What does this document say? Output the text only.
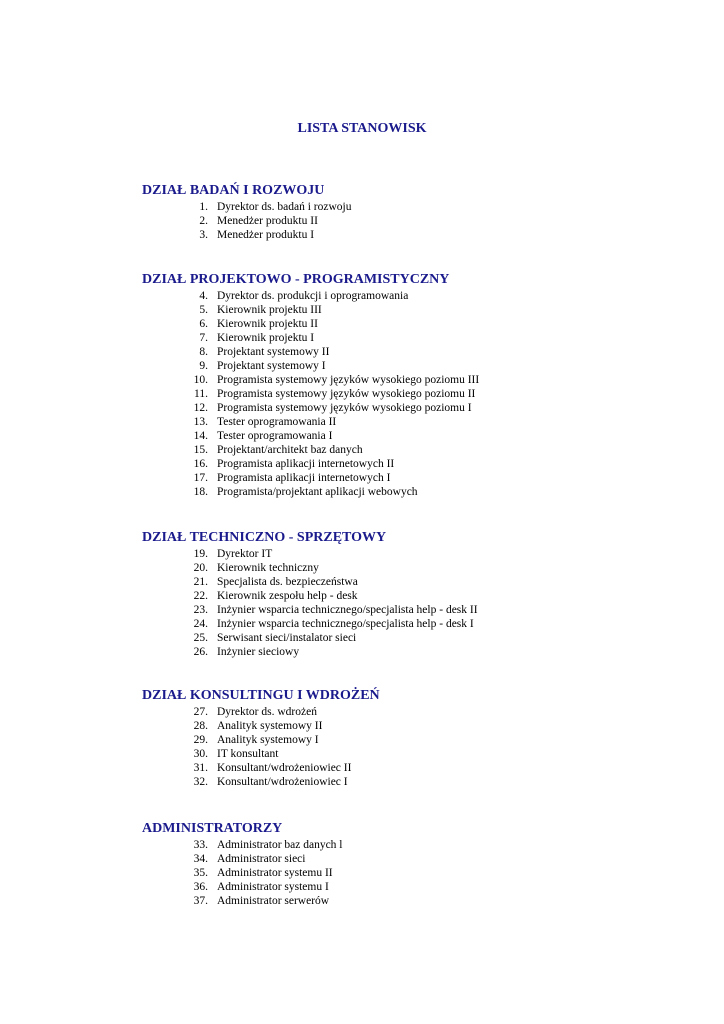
LISTA STANOWISK
DZIAŁ BADAŃ I ROZWOJU
1. Dyrektor ds. badań i rozwoju
2. Menedżer produktu II
3. Menedżer produktu I
DZIAŁ PROJEKTOWO - PROGRAMISTYCZNY
4. Dyrektor ds. produkcji i oprogramowania
5. Kierownik projektu III
6. Kierownik projektu II
7. Kierownik projektu I
8. Projektant systemowy II
9. Projektant systemowy I
10. Programista systemowy języków wysokiego poziomu III
11. Programista systemowy języków wysokiego poziomu II
12. Programista systemowy języków wysokiego poziomu I
13. Tester oprogramowania II
14. Tester oprogramowania I
15. Projektant/architekt baz danych
16. Programista aplikacji internetowych II
17. Programista aplikacji internetowych I
18. Programista/projektant aplikacji webowych
DZIAŁ TECHNICZNO - SPRZĘTOWY
19. Dyrektor IT
20. Kierownik techniczny
21. Specjalista ds. bezpieczeństwa
22. Kierownik zespołu help - desk
23. Inżynier wsparcia technicznego/specjalista help - desk II
24. Inżynier wsparcia technicznego/specjalista help - desk I
25. Serwisant sieci/instalator sieci
26. Inżynier sieciowy
DZIAŁ KONSULTINGU I WDROŻEŃ
27. Dyrektor ds. wdrożeń
28. Analityk systemowy II
29. Analityk systemowy I
30. IT konsultant
31. Konsultant/wdrożeniowiec II
32. Konsultant/wdrożeniowiec I
ADMINISTRATORZY
33. Administrator baz danych l
34. Administrator sieci
35. Administrator systemu II
36. Administrator systemu I
37. Administrator serwerów
